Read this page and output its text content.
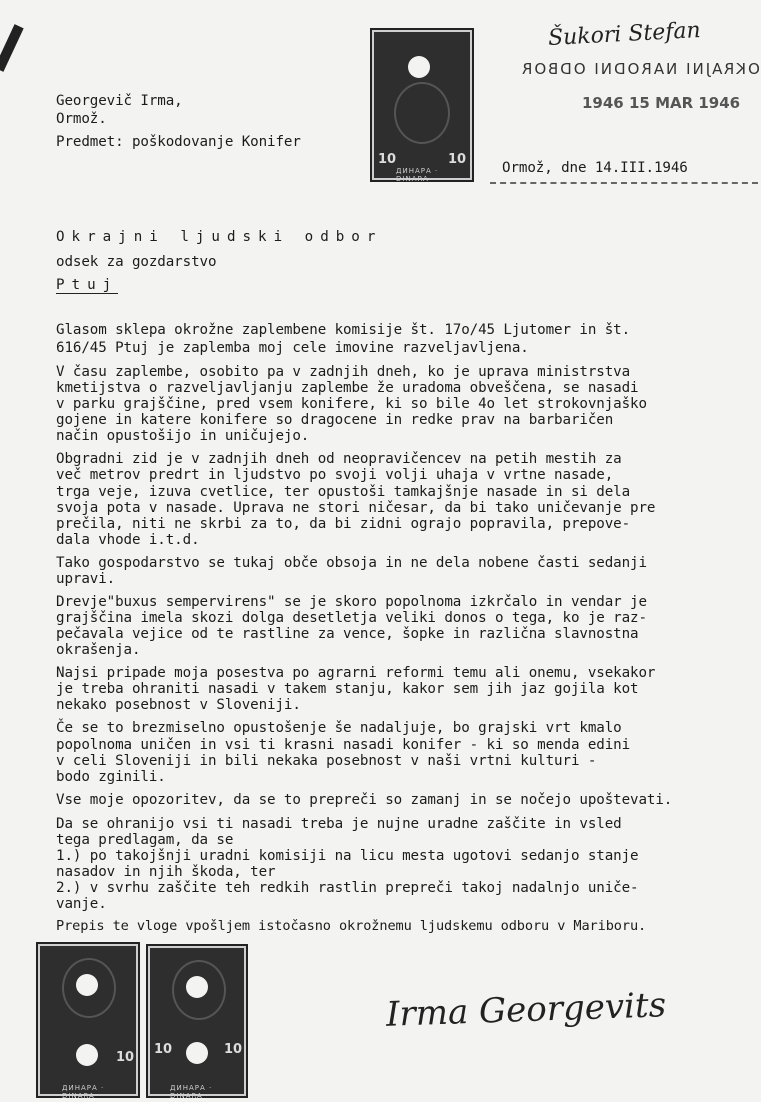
10	10
ДИНАРА · DINARA
Šukori Stefan
OKRAJNI NARODNI ODBOR
1946 15 MAR 1946
Georgevič Irma,
Ormož.
Predmet: poškodovanje Konifer
Ormož, dne 14.III.1946
Okrajni ljudski odbor
odsek za gozdarstvo
Ptuj
Glasom sklepa okrožne zaplembene komisije št. 17o/45 Ljutomer in št.
616/45 Ptuj je zaplemba moj cele imovine razveljavljena.
V času zaplembe, osobito pa v zadnjih dneh, ko je uprava ministrstva
kmetijstva o razveljavljanju zaplembe že uradoma obveščena, se nasadi
v parku grajščine, pred vsem konifere, ki so bile 4o let strokovnjaško
gojene in katere konifere so dragocene in redke prav na barbaričen
način opustošijo in uničujejo.
Obgradni zid je v zadnjih dneh od neopravičencev na petih mestih za
več metrov predrt in ljudstvo po svoji volji uhaja v vrtne nasade,
trga veje, izuva cvetlice, ter opustoši tamkajšnje nasade in si dela
svoja pota v nasade. Uprava ne stori ničesar, da bi tako uničevanje pre
prečila, niti ne skrbi za to, da bi zidni ograjo popravila, prepove-
dala vhode i.t.d.
Tako gospodarstvo se tukaj obče obsoja in ne dela nobene časti sedanji
upravi.
Drevje"buxus sempervirens" se je skoro popolnoma izkrčalo in vendar je
grajščina imela skozi dolga desetletja veliki donos o tega, ko je raz-
pečavala vejice od te rastline za vence, šopke in različna slavnostna
okrašenja.
Najsi pripade moja posestva po agrarni reformi temu ali onemu, vsekakor
je treba ohraniti nasadi v takem stanju, kakor sem jih jaz gojila kot
nekako posebnost v Sloveniji.
Če se to brezmiselno opustošenje še nadaljuje, bo grajski vrt kmalo
popolnoma uničen in vsi ti krasni nasadi konifer - ki so menda edini
v celi Sloveniji in bili nekaka posebnost v naši vrtni kulturi -
bodo zginili.
Vse moje opozoritev, da se to prepreči so zamanj in se nočejo upoštevati.
Da se ohranijo vsi ti nasadi treba je nujne uradne zaščite in vsled
tega predlagam, da se
1.) po takojšnji uradni komisiji na licu mesta ugotovi sedanjo stanje
nasadov in njih škoda, ter
2.) v svrhu zaščite teh redkih rastlin prepreči takoj nadalnjo uniče-
vanje.
Prepis te vloge vpošljem istočasno okrožnemu ljudskemu odboru v Mariboru.
10
ДИНАРА · DINARA
10	10
ДИНАРА · DINARA
Irma Georgevits
